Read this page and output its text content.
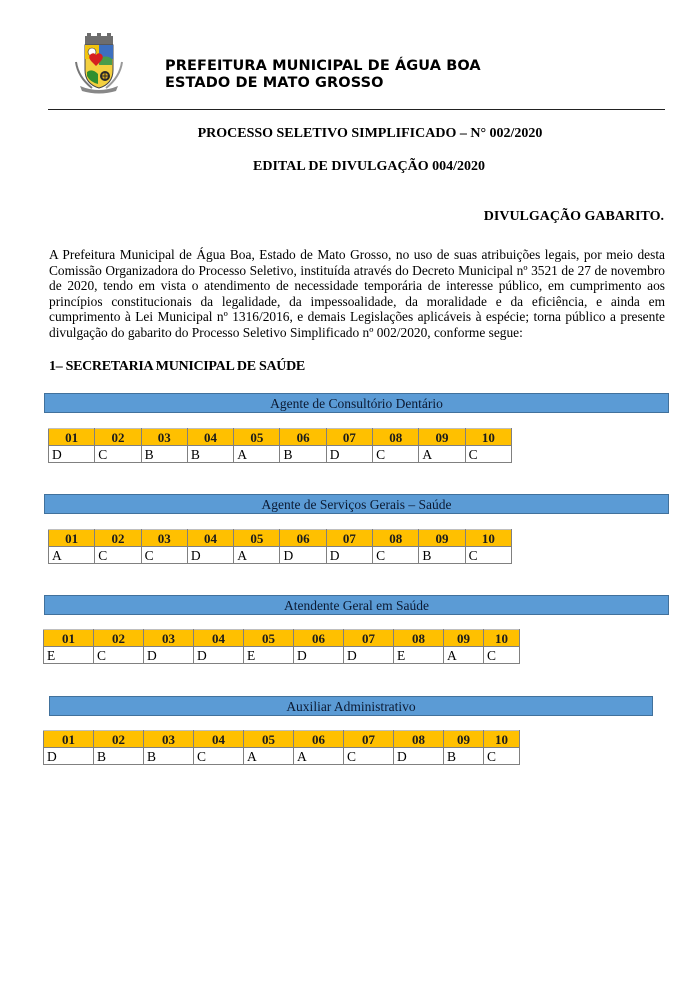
PREFEITURA MUNICIPAL DE ÁGUA BOA
ESTADO DE MATO GROSSO
PROCESSO SELETIVO SIMPLIFICADO – N° 002/2020
EDITAL DE DIVULGAÇÃO 004/2020
DIVULGAÇÃO GABARITO.
A Prefeitura Municipal de Água Boa, Estado de Mato Grosso, no uso de suas atribuições legais, por meio desta Comissão Organizadora do Processo Seletivo, instituída através do Decreto Municipal nº 3521 de 27 de novembro de 2020, tendo em vista o atendimento de necessidade temporária de interesse público, em cumprimento aos princípios constitucionais da legalidade, da impessoalidade, da moralidade e da eficiência, e ainda em cumprimento à Lei Municipal nº 1316/2016, e demais Legislações aplicáveis à espécie; torna público a presente divulgação do gabarito do Processo Seletivo Simplificado nº 002/2020, conforme segue:
1– SECRETARIA MUNICIPAL DE SAÚDE
Agente de Consultório Dentário
01	02	03	04	05	06	07	08	09	10
D	C	B	B	A	B	D	C	A	C
Agente de Serviços Gerais – Saúde
01	02	03	04	05	06	07	08	09	10
A	C	C	D	A	D	D	C	B	C
Atendente Geral em Saúde
01	02	03	04	05	06	07	08	09	10
E	C	D	D	E	D	D	E	A	C
Auxiliar Administrativo
01	02	03	04	05	06	07	08	09	10
D	B	B	C	A	A	C	D	B	C
